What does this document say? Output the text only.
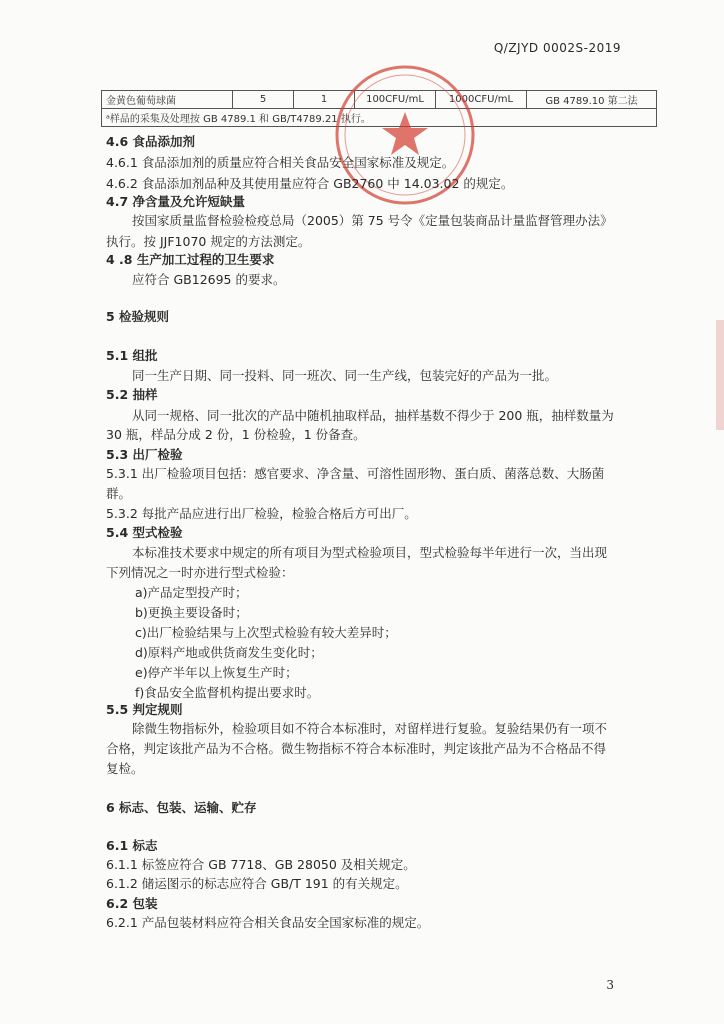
Q/ZJYD 0002S-2019
金黄色葡萄球菌	5	1	100CFU/mL	1000CFU/mL	GB 4789.10 第二法
ᵃ样品的采集及处理按 GB 4789.1 和 GB/T4789.21 执行。
4.6 食品添加剂
4.6.1 食品添加剂的质量应符合相关食品安全国家标准及规定。
4.6.2 食品添加剂品种及其使用量应符合 GB2760 中 14.03.02 的规定。
4.7 净含量及允许短缺量
按国家质量监督检验检疫总局（2005）第 75 号令《定量包装商品计量监督管理办法》
执行。按 JJF1070 规定的方法测定。
4 .8 生产加工过程的卫生要求
应符合 GB12695 的要求。
5 检验规则
5.1 组批
同一生产日期、同一投料、同一班次、同一生产线，包装完好的产品为一批。
5.2 抽样
从同一规格、同一批次的产品中随机抽取样品，抽样基数不得少于 200 瓶，抽样数量为
30 瓶，样品分成 2 份，1 份检验，1 份备查。
5.3 出厂检验
5.3.1 出厂检验项目包括：感官要求、净含量、可溶性固形物、蛋白质、菌落总数、大肠菌
群。
5.3.2 每批产品应进行出厂检验，检验合格后方可出厂。
5.4 型式检验
本标准技术要求中规定的所有项目为型式检验项目，型式检验每半年进行一次，当出现
下列情况之一时亦进行型式检验：
a)产品定型投产时；
b)更换主要设备时；
c)出厂检验结果与上次型式检验有较大差异时；
d)原料产地或供货商发生变化时；
e)停产半年以上恢复生产时；
f)食品安全监督机构提出要求时。
5.5 判定规则
除微生物指标外，检验项目如不符合本标准时，对留样进行复验。复验结果仍有一项不
合格，判定该批产品为不合格。微生物指标不符合本标准时，判定该批产品为不合格品不得
复检。
6 标志、包装、运输、贮存
6.1 标志
6.1.1 标签应符合 GB 7718、GB 28050 及相关规定。
6.1.2 储运图示的标志应符合 GB/T 191 的有关规定。
6.2 包装
6.2.1 产品包装材料应符合相关食品安全国家标准的规定。
3
